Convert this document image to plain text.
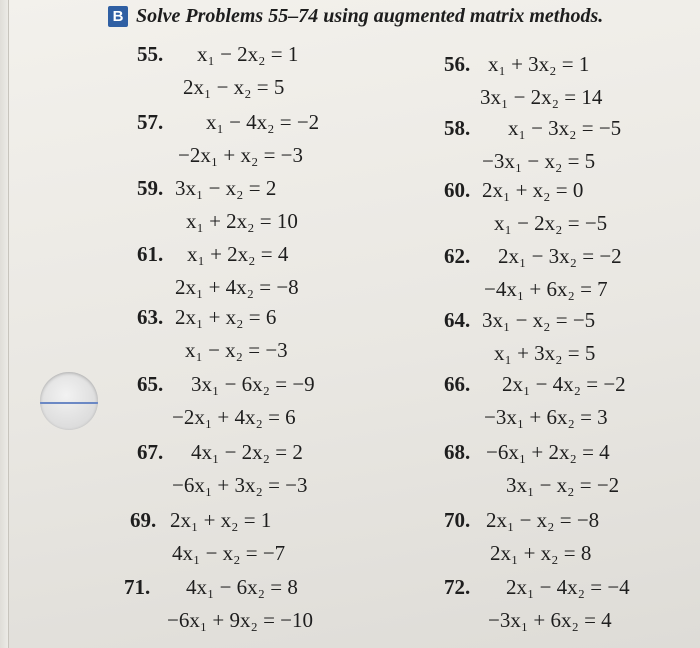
B Solve Problems 55–74 using augmented matrix methods.
55. x₁ − 2x₂ = 1
2x₁ − x₂ = 5
57. x₁ − 4x₂ = −2
−2x₁ + x₂ = −3
59. 3x₁ − x₂ = 2
x₁ + 2x₂ = 10
61. x₁ + 2x₂ = 4
2x₁ + 4x₂ = −8
63. 2x₁ + x₂ = 6
x₁ − x₂ = −3
65. 3x₁ − 6x₂ = −9
−2x₁ + 4x₂ = 6
67. 4x₁ − 2x₂ = 2
−6x₁ + 3x₂ = −3
69. 2x₁ + x₂ = 1
4x₁ − x₂ = −7
71. 4x₁ − 6x₂ = 8
−6x₁ + 9x₂ = −10
56. x₁ + 3x₂ = 1
3x₁ − 2x₂ = 14
58. x₁ − 3x₂ = −5
−3x₁ − x₂ = 5
60. 2x₁ + x₂ = 0
x₁ − 2x₂ = −5
62. 2x₁ − 3x₂ = −2
−4x₁ + 6x₂ = 7
64. 3x₁ − x₂ = −5
x₁ + 3x₂ = 5
66. 2x₁ − 4x₂ = −2
−3x₁ + 6x₂ = 3
68. −6x₁ + 2x₂ = 4
3x₁ − x₂ = −2
70. 2x₁ − x₂ = −8
2x₁ + x₂ = 8
72. 2x₁ − 4x₂ = −4
−3x₁ + 6x₂ = 4
